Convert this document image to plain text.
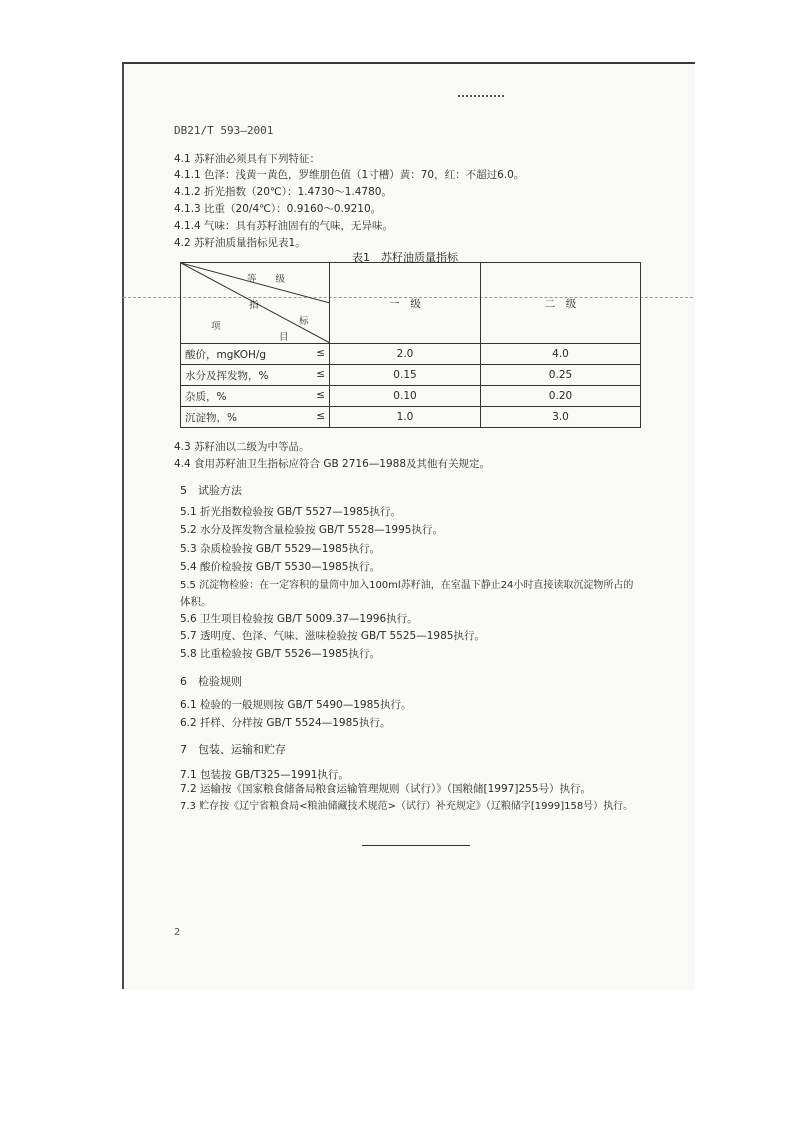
DB21/T 593—2001
4.1 苏籽油必须具有下列特征：
4.1.1 色泽：浅黄一黄色，罗维朋色值（1寸槽）黄：70，红：不超过6.0。
4.1.2 折光指数（20℃）：1.4730～1.4780。
4.1.3 比重（20/4℃）：0.9160～0.9210。
4.1.4 气味：具有苏籽油固有的气味，无异味。
4.2 苏籽油质量指标见表1。
表1　苏籽油质量指标
等　　级
指
标
项
目	一　级	二　级

酸价，mgKOH/g ≤	2.0	4.0

水分及挥发物，% ≤	0.15	0.25

杂质，% ≤	0.10	0.20

沉淀物，% ≤	1.0	3.0
4.3 苏籽油以二级为中等品。
4.4 食用苏籽油卫生指标应符合 GB 2716—1988及其他有关规定。
5　试验方法
5.1 折光指数检验按 GB/T 5527—1985执行。
5.2 水分及挥发物含量检验按 GB/T 5528—1995执行。
5.3 杂质检验按 GB/T 5529—1985执行。
5.4 酸价检验按 GB/T 5530—1985执行。
5.5 沉淀物检验：在一定容积的量筒中加入100ml苏籽油，在室温下静止24小时直接读取沉淀物所占的
体积。
5.6 卫生项目检验按 GB/T 5009.37—1996执行。
5.7 透明度、色泽、气味、滋味检验按 GB/T 5525—1985执行。
5.8 比重检验按 GB/T 5526—1985执行。
6　检验规则
6.1 检验的一般规则按 GB/T 5490—1985执行。
6.2 扦样、分样按 GB/T 5524—1985执行。
7　包装、运输和贮存
7.1 包装按 GB/T325—1991执行。
7.2 运输按《国家粮食储备局粮食运输管理规则（试行）》（国粮储[1997]255号）执行。
7.3 贮存按《辽宁省粮食局<粮油储藏技术规范>（试行）补充规定》（辽粮储字[1999]158号）执行。
2
